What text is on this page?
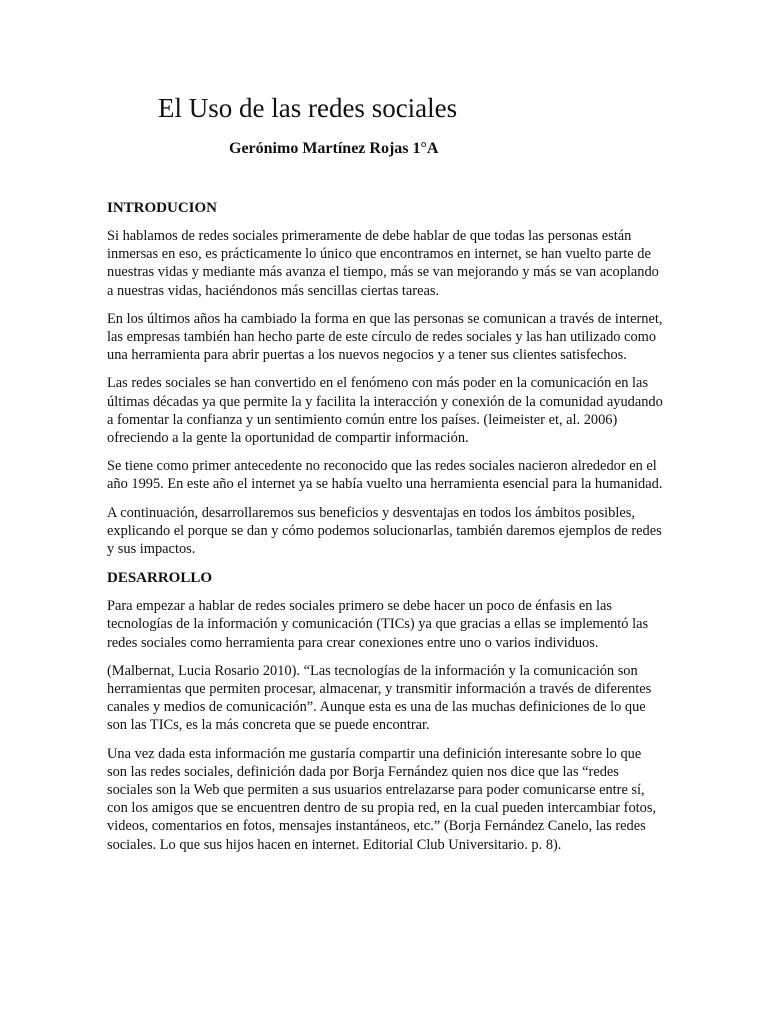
El Uso de las redes sociales

Gerónimo Martínez Rojas 1°A

INTRODUCION

Si hablamos de redes sociales primeramente de debe hablar de que todas las personas están inmersas en eso, es prácticamente lo único que encontramos en internet, se han vuelto parte de nuestras vidas y mediante más avanza el tiempo, más se van mejorando y más se van acoplando a nuestras vidas, haciéndonos más sencillas ciertas tareas.

En los últimos años ha cambiado la forma en que las personas se comunican a través de internet, las empresas también han hecho parte de este círculo de redes sociales y las han utilizado como una herramienta para abrir puertas a los nuevos negocios y a tener sus clientes satisfechos.

Las redes sociales se han convertido en el fenómeno con más poder en la comunicación en las últimas décadas ya que permite la y facilita la interacción y conexión de la comunidad ayudando a fomentar la confianza y un sentimiento común entre los países. (leimeister et, al. 2006) ofreciendo a la gente la oportunidad de compartir información.

Se tiene como primer antecedente no reconocido que las redes sociales nacieron alrededor en el año 1995. En este año el internet ya se había vuelto una herramienta esencial para la humanidad.

A continuación, desarrollaremos sus beneficios y desventajas en todos los ámbitos posibles, explicando el porque se dan y cómo podemos solucionarlas, también daremos ejemplos de redes y sus impactos.

DESARROLLO

Para empezar a hablar de redes sociales primero se debe hacer un poco de énfasis en las tecnologías de la información y comunicación (TICs) ya que gracias a ellas se implementó las redes sociales como herramienta para crear conexiones entre uno o varios individuos.

(Malbernat, Lucia Rosario 2010). “Las tecnologías de la información y la comunicación son herramientas que permiten procesar, almacenar, y transmitir información a través de diferentes canales y medios de comunicación”. Aunque esta es una de las muchas definiciones de lo que son las TICs, es la más concreta que se puede encontrar.

Una vez dada esta información me gustaría compartir una definición interesante sobre lo que son las redes sociales, definición dada por Borja Fernández quien nos dice que las “redes sociales son la Web que permiten a sus usuarios entrelazarse para poder comunicarse entre sí, con los amigos que se encuentren dentro de su propia red, en la cual pueden intercambiar fotos, videos, comentarios en fotos, mensajes instantáneos, etc.” (Borja Fernández Canelo, las redes sociales. Lo que sus hijos hacen en internet. Editorial Club Universitario. p. 8).
